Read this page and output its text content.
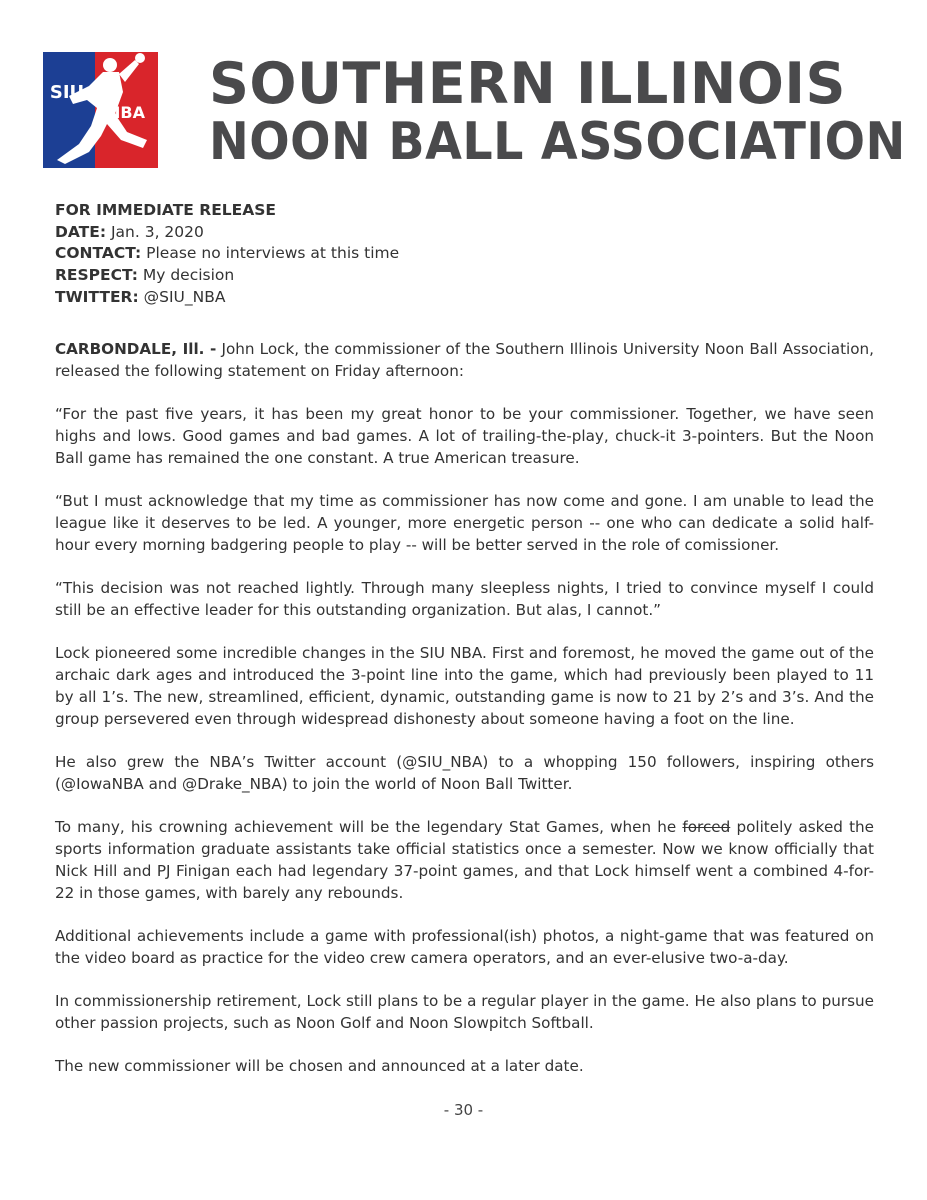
SIU
NBA SOUTHERN ILLINOIS
NOON BALL ASSOCIATION
FOR IMMEDIATE RELEASE
DATE: Jan. 3, 2020
CONTACT: Please no interviews at this time
RESPECT: My decision
TWITTER: @SIU_NBA

CARBONDALE, Ill. - John Lock, the commissioner of the Southern Illinois University Noon Ball Association, released the following statement on Friday afternoon:

“For the past five years, it has been my great honor to be your commissioner. Together, we have seen highs and lows. Good games and bad games. A lot of trailing-the-play, chuck-it 3-pointers. But the Noon Ball game has remained the one constant. A true American treasure.

“But I must acknowledge that my time as commissioner has now come and gone. I am unable to lead the league like it deserves to be led. A younger, more energetic person -- one who can dedicate a solid half-hour every morning badgering people to play -- will be better served in the role of comissioner.

“This decision was not reached lightly. Through many sleepless nights, I tried to convince myself I could still be an effective leader for this outstanding organization. But alas, I cannot.”

Lock pioneered some incredible changes in the SIU NBA. First and foremost, he moved the game out of the archaic dark ages and introduced the 3-point line into the game, which had previously been played to 11 by all 1’s. The new, streamlined, efficient, dynamic, outstanding game is now to 21 by 2’s and 3’s. And the group persevered even through widespread dishonesty about someone having a foot on the line.

He also grew the NBA’s Twitter account (@SIU_NBA) to a whopping 150 followers, inspiring others (@IowaNBA and @Drake_NBA) to join the world of Noon Ball Twitter.

To many, his crowning achievement will be the legendary Stat Games, when he forced politely asked the sports information graduate assistants take official statistics once a semester. Now we know officially that Nick Hill and PJ Finigan each had legendary 37-point games, and that Lock himself went a combined 4-for-22 in those games, with barely any rebounds.

Additional achievements include a game with professional(ish) photos, a night-game that was featured on the video board as practice for the video crew camera operators, and an ever-elusive two-a-day.

In commissionership retirement, Lock still plans to be a regular player in the game. He also plans to pursue other passion projects, such as Noon Golf and Noon Slowpitch Softball.

The new commissioner will be chosen and announced at a later date.

- 30 -
